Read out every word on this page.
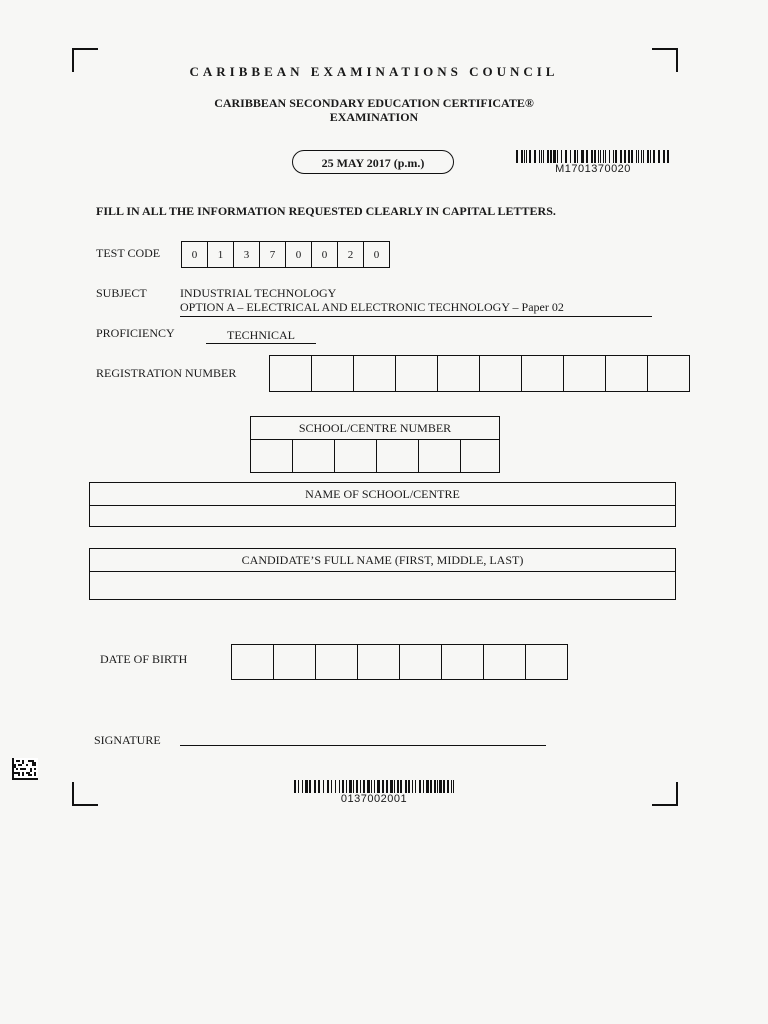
CARIBBEAN EXAMINATIONS COUNCIL
CARIBBEAN SECONDARY EDUCATION CERTIFICATE®
EXAMINATION
25 MAY 2017 (p.m.)	M1701370020
FILL IN ALL THE INFORMATION REQUESTED CLEARLY IN CAPITAL LETTERS.
TEST CODE	0	1	3	7	0	0	2	0
SUBJECT	INDUSTRIAL TECHNOLOGY
OPTION A – ELECTRICAL AND ELECTRONIC TECHNOLOGY – Paper 02
PROFICIENCY	TECHNICAL
REGISTRATION NUMBER
SCHOOL/CENTRE NUMBER
NAME OF SCHOOL/CENTRE
CANDIDATE’S FULL NAME (FIRST, MIDDLE, LAST)
DATE OF BIRTH
SIGNATURE
0137002001
